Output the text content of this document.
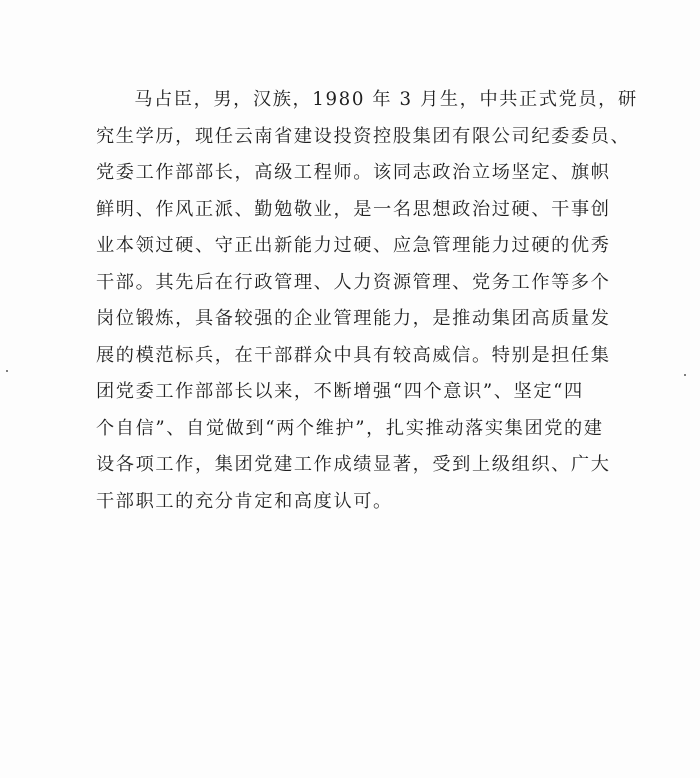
马占臣，男，汉族，1980 年 3 月生，中共正式党员，研
究生学历，现任云南省建设投资控股集团有限公司纪委委员、
党委工作部部长，高级工程师。该同志政治立场坚定、旗帜
鲜明、作风正派、勤勉敬业，是一名思想政治过硬、干事创
业本领过硬、守正出新能力过硬、应急管理能力过硬的优秀
干部。其先后在行政管理、人力资源管理、党务工作等多个
岗位锻炼，具备较强的企业管理能力，是推动集团高质量发
展的模范标兵，在干部群众中具有较高威信。特别是担任集
团党委工作部部长以来，不断增强“四个意识”、坚定“四
个自信”、自觉做到“两个维护”，扎实推动落实集团党的建
设各项工作，集团党建工作成绩显著，受到上级组织、广大
干部职工的充分肯定和高度认可。
